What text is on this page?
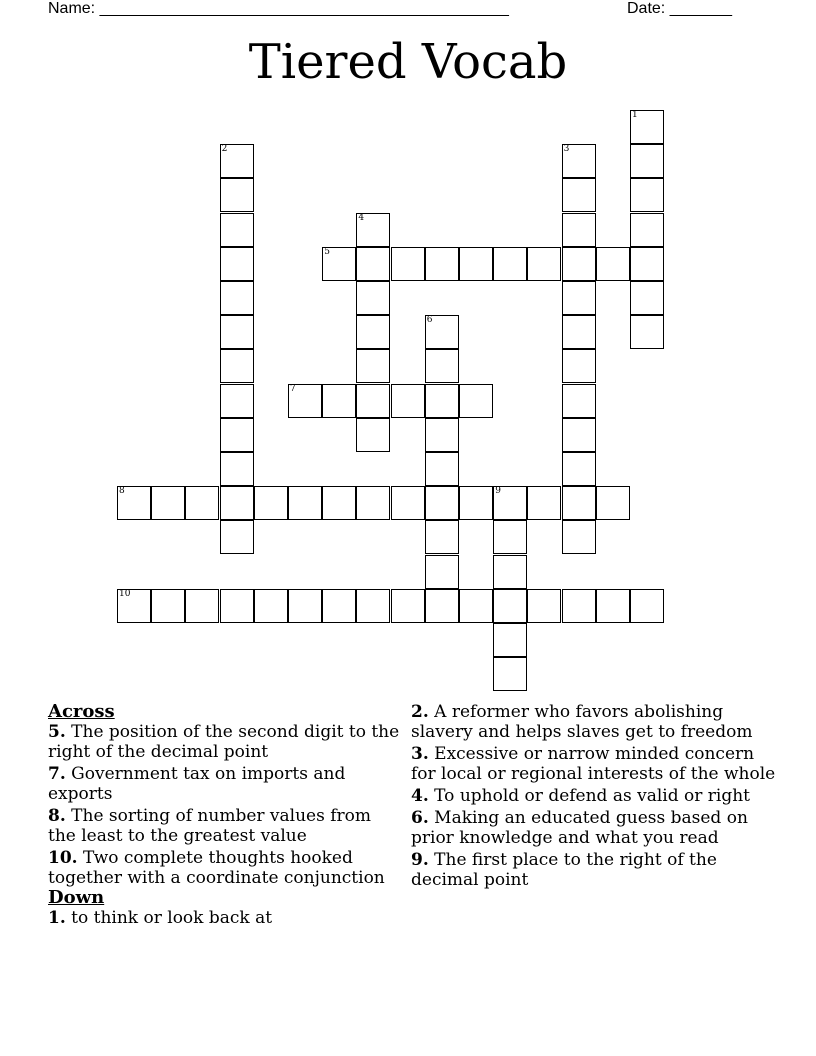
Name: ______________________________________________	Date: _______
Tiered Vocab
1
2	3
4
5
6
7
8	9
10
Across

5. The position of the second digit to the right of the decimal point

7. Government tax on imports and exports

8. The sorting of number values from the least to the greatest value

10. Two complete thoughts hooked together with a coordinate conjunction

Down

1. to think or look back at

2. A reformer who favors abolishing slavery and helps slaves get to freedom

3. Excessive or narrow minded concern for local or regional interests of the whole

4. To uphold or defend as valid or right

6. Making an educated guess based on prior knowledge and what you read

9. The first place to the right of the decimal point
